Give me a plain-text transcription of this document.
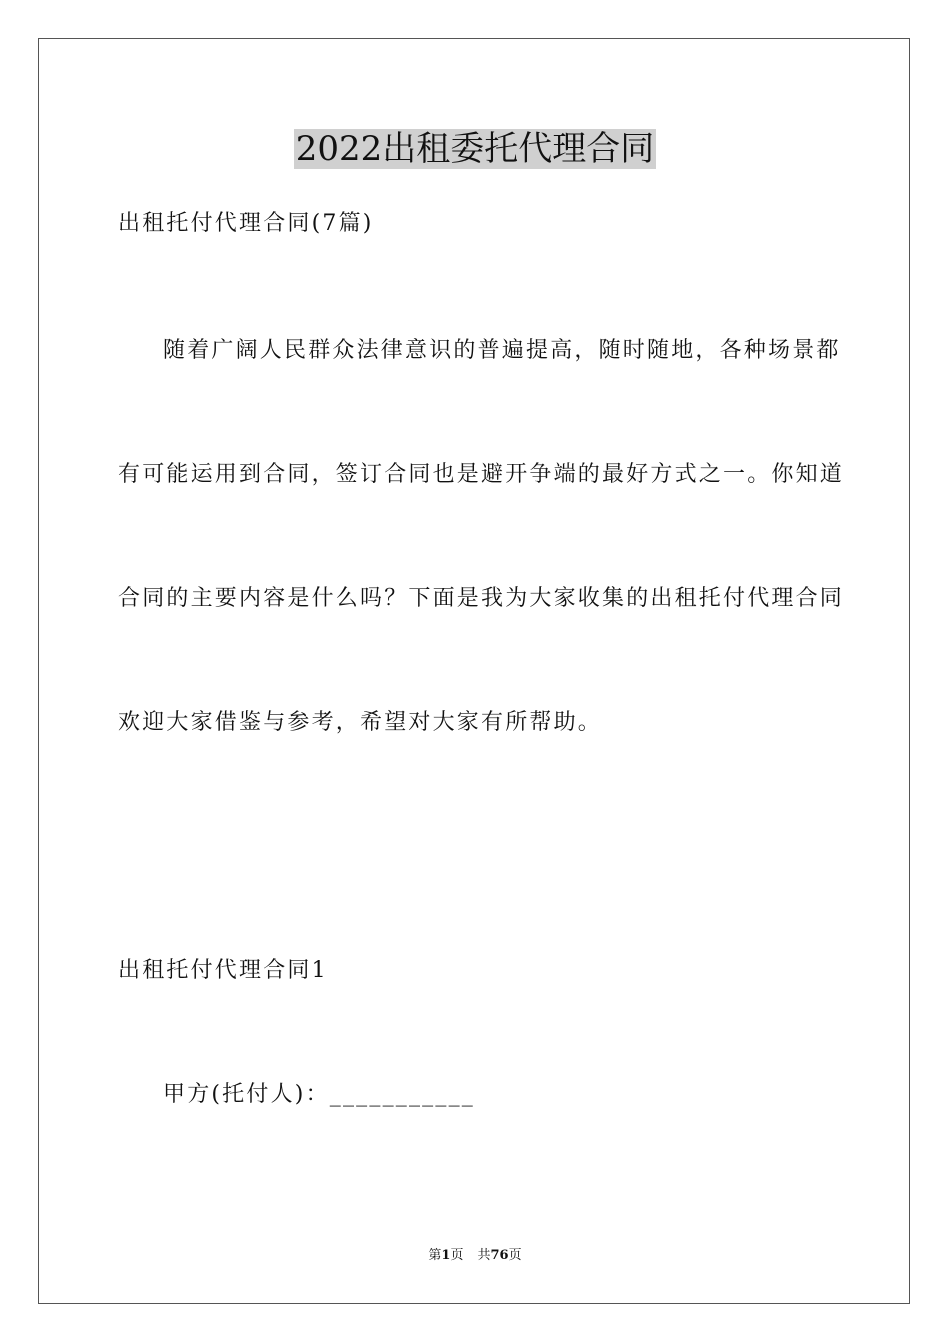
2022出租委托代理合同
出租托付代理合同(7篇)
随着广阔人民群众法律意识的普遍提高，随时随地，各种场景都
有可能运用到合同，签订合同也是避开争端的最好方式之一。你知道
合同的主要内容是什么吗？下面是我为大家收集的出租托付代理合同
欢迎大家借鉴与参考，希望对大家有所帮助。
出租托付代理合同1
甲方(托付人)：___________
第1页 共76页
